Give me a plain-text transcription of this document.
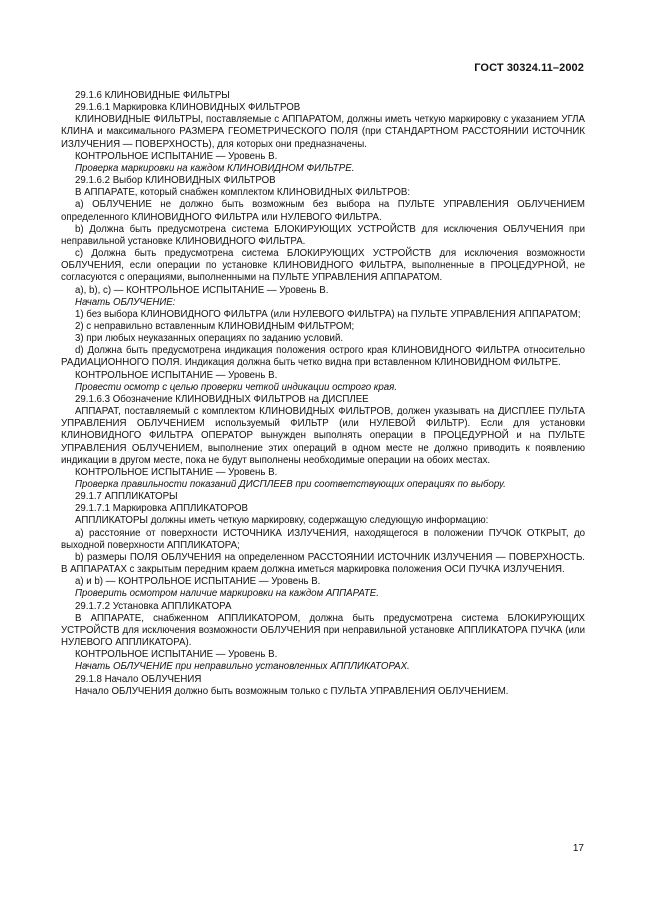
ГОСТ 30324.11–2002

29.1.6 КЛИНОВИДНЫЕ ФИЛЬТРЫ

29.1.6.1 Маркировка КЛИНОВИДНЫХ ФИЛЬТРОВ

КЛИНОВИДНЫЕ ФИЛЬТРЫ, поставляемые с АППАРАТОМ, должны иметь четкую маркировку с указанием УГЛА КЛИНА и максимального РАЗМЕРА ГЕОМЕТРИЧЕСКОГО ПОЛЯ (при СТАНДАРТНОМ РАССТОЯНИИ ИСТОЧНИК ИЗЛУЧЕНИЯ — ПОВЕРХНОСТЬ), для которых они предназначены.

КОНТРОЛЬНОЕ ИСПЫТАНИЕ — Уровень В.

Проверка маркировки на каждом КЛИНОВИДНОМ ФИЛЬТРЕ.

29.1.6.2 Выбор КЛИНОВИДНЫХ ФИЛЬТРОВ

В АППАРАТЕ, который снабжен комплектом КЛИНОВИДНЫХ ФИЛЬТРОВ:

а) ОБЛУЧЕНИЕ не должно быть возможным без выбора на ПУЛЬТЕ УПРАВЛЕНИЯ ОБЛУЧЕНИЕМ определенного КЛИНОВИДНОГО ФИЛЬТРА или НУЛЕВОГО ФИЛЬТРА.

b) Должна быть предусмотрена система БЛОКИРУЮЩИХ УСТРОЙСТВ для исключения ОБЛУЧЕНИЯ при неправильной установке КЛИНОВИДНОГО ФИЛЬТРА.

c) Должна быть предусмотрена система БЛОКИРУЮЩИХ УСТРОЙСТВ для исключения возможности ОБЛУЧЕНИЯ, если операции по установке КЛИНОВИДНОГО ФИЛЬТРА, выполненные в ПРОЦЕДУРНОЙ, не согласуются с операциями, выполненными на ПУЛЬТЕ УПРАВЛЕНИЯ АППАРАТОМ.

a), b), c) — КОНТРОЛЬНОЕ ИСПЫТАНИЕ — Уровень В.

Начать ОБЛУЧЕНИЕ:

1) без выбора КЛИНОВИДНОГО ФИЛЬТРА (или НУЛЕВОГО ФИЛЬТРА) на ПУЛЬТЕ УПРАВЛЕНИЯ АППАРАТОМ;

2) с неправильно вставленным КЛИНОВИДНЫМ ФИЛЬТРОМ;

3) при любых неуказанных операциях по заданию условий.

d) Должна быть предусмотрена индикация положения острого края КЛИНОВИДНОГО ФИЛЬТРА относительно РАДИАЦИОННОГО ПОЛЯ. Индикация должна быть четко видна при вставленном КЛИНОВИДНОМ ФИЛЬТРЕ.

КОНТРОЛЬНОЕ ИСПЫТАНИЕ — Уровень В.

Провести осмотр с целью проверки четкой индикации острого края.

29.1.6.3 Обозначение КЛИНОВИДНЫХ ФИЛЬТРОВ на ДИСПЛЕЕ

АППАРАТ, поставляемый с комплектом КЛИНОВИДНЫХ ФИЛЬТРОВ, должен указывать на ДИСПЛЕЕ ПУЛЬТА УПРАВЛЕНИЯ ОБЛУЧЕНИЕМ используемый ФИЛЬТР (или НУЛЕВОЙ ФИЛЬТР). Если для установки КЛИНОВИДНОГО ФИЛЬТРА ОПЕРАТОР вынужден выполнять операции в ПРОЦЕДУРНОЙ и на ПУЛЬТЕ УПРАВЛЕНИЯ ОБЛУЧЕНИЕМ, выполнение этих операций в одном месте не должно приводить к появлению индикации в другом месте, пока не будут выполнены необходимые операции на обоих местах.

КОНТРОЛЬНОЕ ИСПЫТАНИЕ — Уровень В.

Проверка правильности показаний ДИСПЛЕЕВ при соответствующих операциях по выбору.

29.1.7 АППЛИКАТОРЫ

29.1.7.1 Маркировка АППЛИКАТОРОВ

АППЛИКАТОРЫ должны иметь четкую маркировку, содержащую следующую информацию:

а) расстояние от поверхности ИСТОЧНИКА ИЗЛУЧЕНИЯ, находящегося в положении ПУЧОК ОТКРЫТ, до выходной поверхности АППЛИКАТОРА;

b) размеры ПОЛЯ ОБЛУЧЕНИЯ на определенном РАССТОЯНИИ ИСТОЧНИК ИЗЛУЧЕНИЯ — ПОВЕРХНОСТЬ. В АППАРАТАХ с закрытым передним краем должна иметься маркировка положения ОСИ ПУЧКА ИЗЛУЧЕНИЯ.

а) и b) — КОНТРОЛЬНОЕ ИСПЫТАНИЕ — Уровень В.

Проверить осмотром наличие маркировки на каждом АППАРАТЕ.

29.1.7.2 Установка АППЛИКАТОРА

В АППАРАТЕ, снабженном АППЛИКАТОРОМ, должна быть предусмотрена система БЛОКИРУЮЩИХ УСТРОЙСТВ для исключения возможности ОБЛУЧЕНИЯ при неправильной установке АППЛИКАТОРА ПУЧКА (или НУЛЕВОГО АППЛИКАТОРА).

КОНТРОЛЬНОЕ ИСПЫТАНИЕ — Уровень В.

Начать ОБЛУЧЕНИЕ при неправильно установленных АППЛИКАТОРАХ.

29.1.8 Начало ОБЛУЧЕНИЯ

Начало ОБЛУЧЕНИЯ должно быть возможным только с ПУЛЬТА УПРАВЛЕНИЯ ОБЛУЧЕНИЕМ.

17
